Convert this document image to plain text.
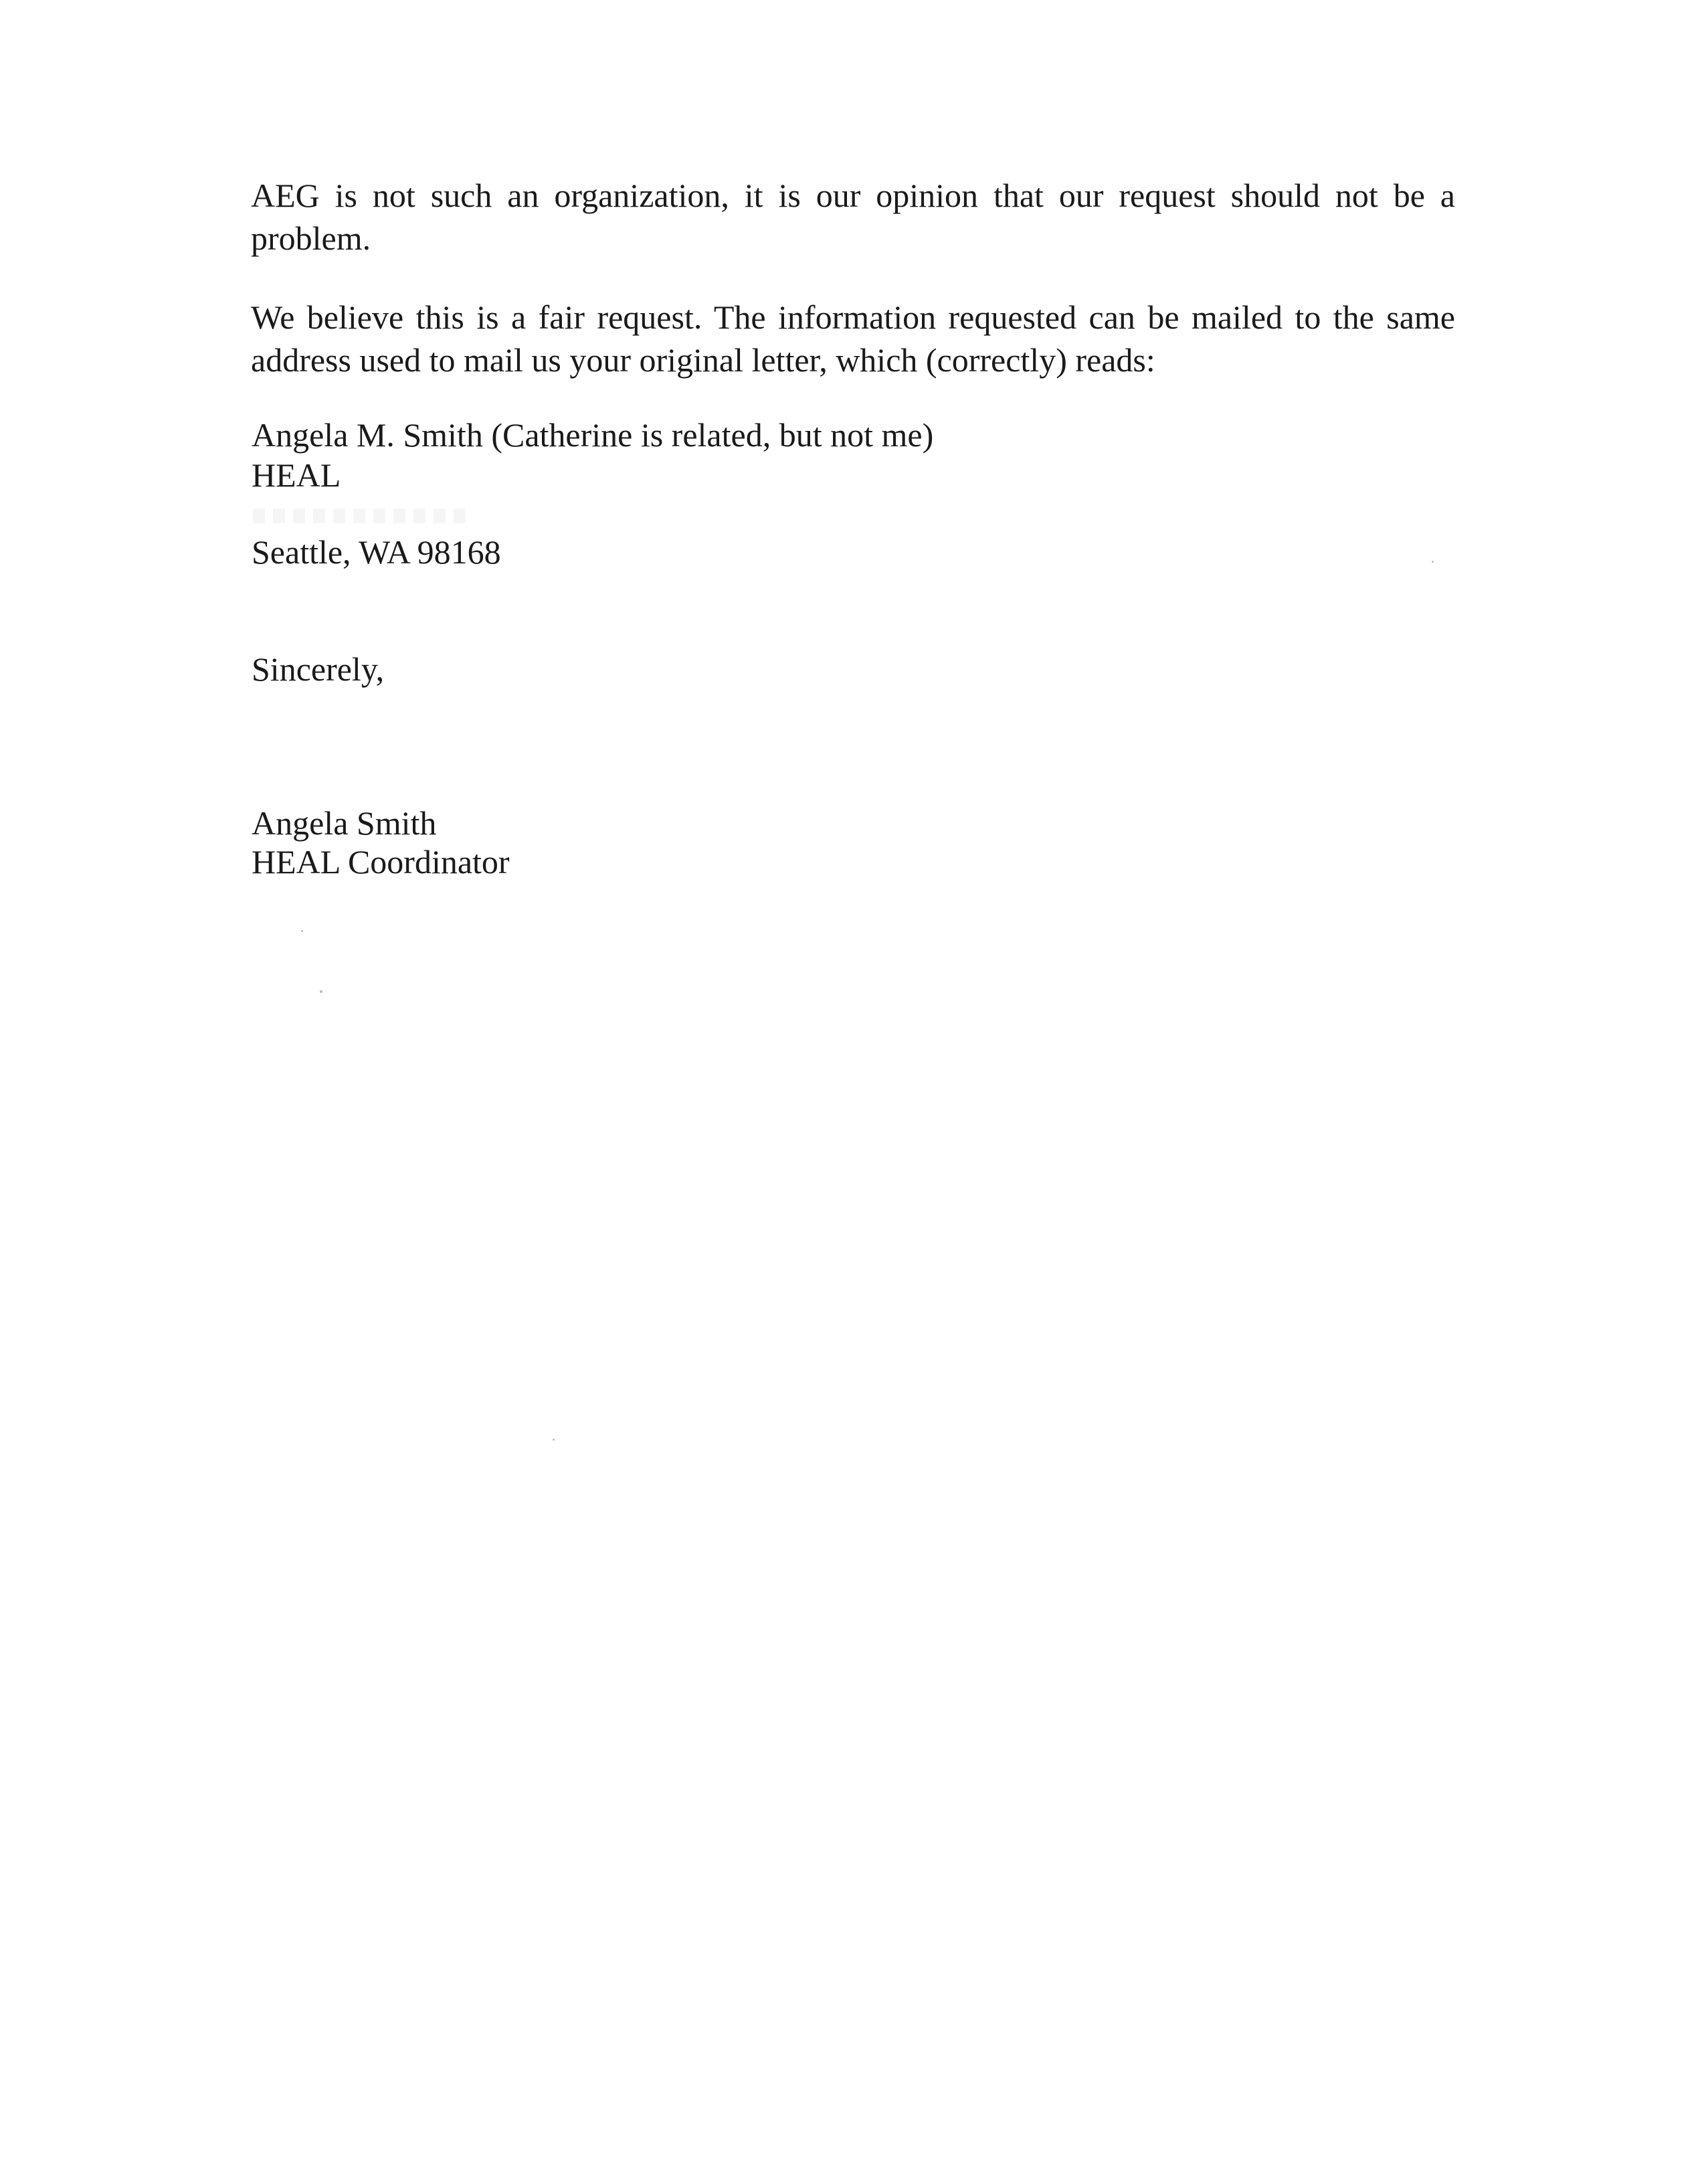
AEG is not such an organization, it is our opinion that our request should not be a problem.

We believe this is a fair request. The information requested can be mailed to the same address used to mail us your original letter, which (correctly) reads:

Angela M. Smith (Catherine is related, but not me)
HEAL
Seattle, WA 98168
Sincerely,
Angela Smith
HEAL Coordinator
